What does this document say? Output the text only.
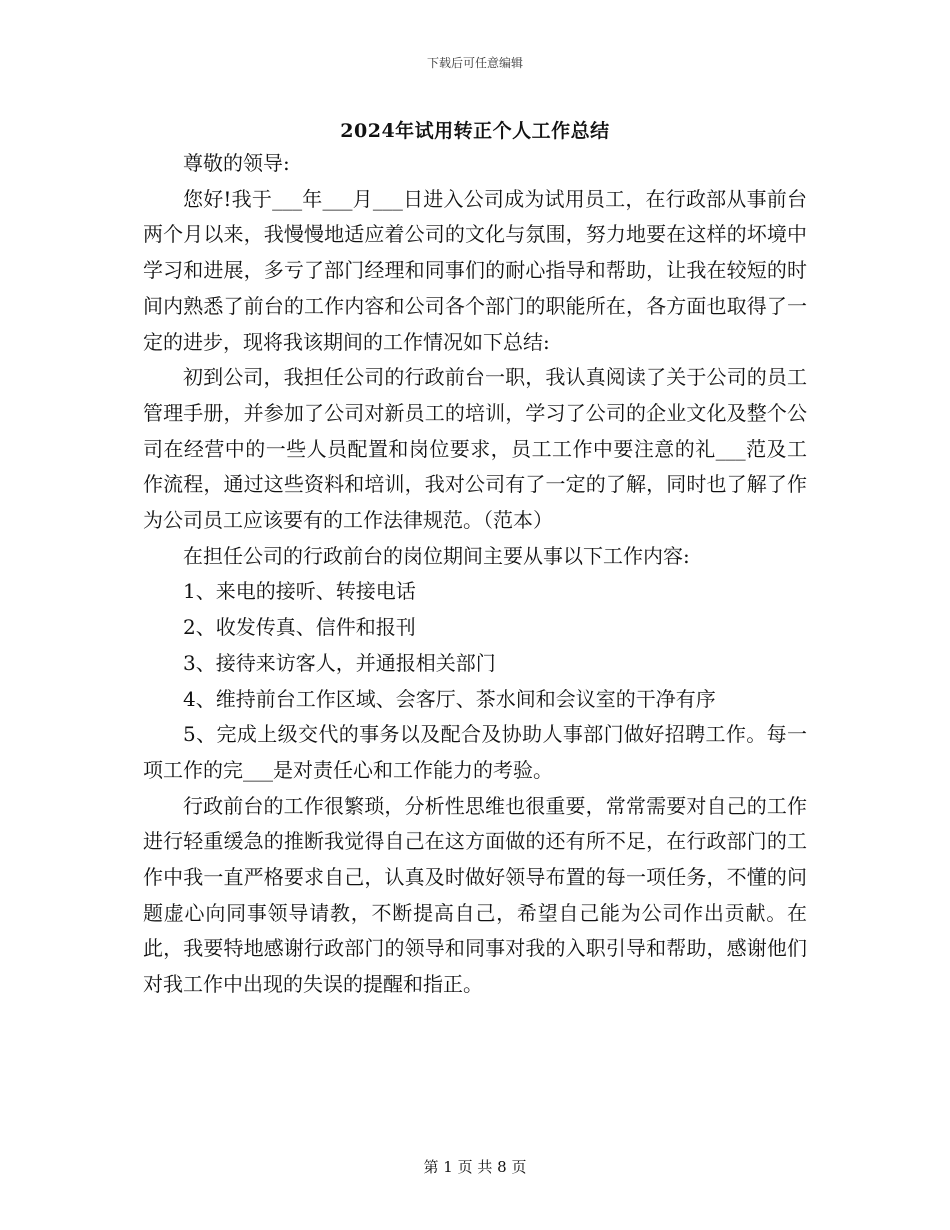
下载后可任意编辑
2024年试用转正个人工作总结

尊敬的领导:

您好!我于___年___月___日进入公司成为试用员工，在行政部从事前台两个月以来，我慢慢地适应着公司的文化与氛围，努力地要在这样的坏境中学习和进展，多亏了部门经理和同事们的耐心指导和帮助，让我在较短的时间内熟悉了前台的工作内容和公司各个部门的职能所在，各方面也取得了一定的进步，现将我该期间的工作情况如下总结:

初到公司，我担任公司的行政前台一职，我认真阅读了关于公司的员工管理手册，并参加了公司对新员工的培训，学习了公司的企业文化及整个公司在经营中的一些人员配置和岗位要求，员工工作中要注意的礼___范及工作流程，通过这些资料和培训，我对公司有了一定的了解，同时也了解了作为公司员工应该要有的工作法律规范。（范本）

在担任公司的行政前台的岗位期间主要从事以下工作内容:

1、来电的接听、转接电话

2、收发传真、信件和报刊

3、接待来访客人，并通报相关部门

4、维持前台工作区域、会客厅、茶水间和会议室的干净有序

5、完成上级交代的事务以及配合及协助人事部门做好招聘工作。每一项工作的完___是对责任心和工作能力的考验。

行政前台的工作很繁琐，分析性思维也很重要，常常需要对自己的工作进行轻重缓急的推断我觉得自己在这方面做的还有所不足，在行政部门的工作中我一直严格要求自己，认真及时做好领导布置的每一项任务，不懂的问题虚心向同事领导请教，不断提高自己，希望自己能为公司作出贡献。在此，我要特地感谢行政部门的领导和同事对我的入职引导和帮助，感谢他们对我工作中出现的失误的提醒和指正。

第 1 页 共 8 页
